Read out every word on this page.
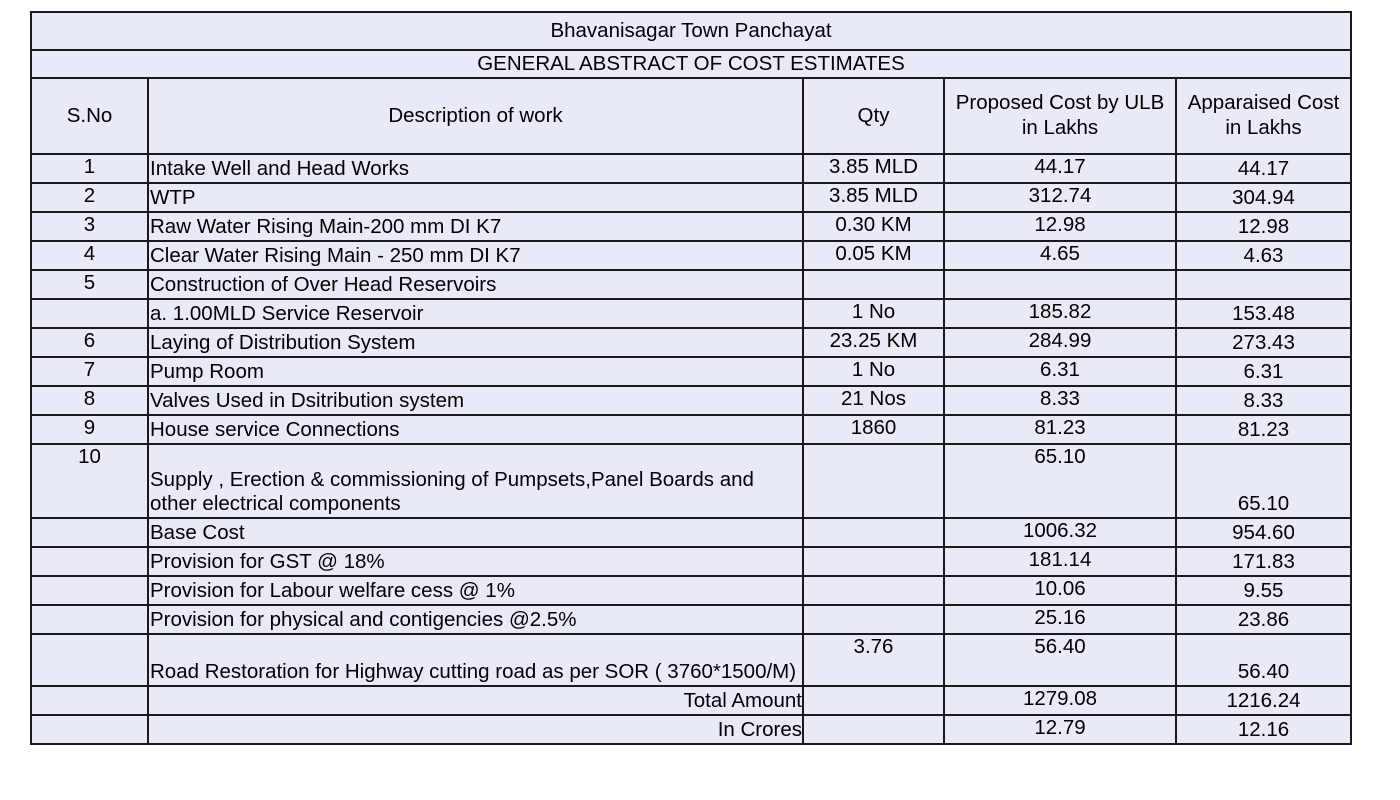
Bhavanisagar Town Panchayat				
GENERAL ABSTRACT OF COST ESTIMATES				
S.No	Description of work	Qty	Proposed Cost by ULB in Lakhs	Apparaised Cost in Lakhs
1	Intake Well and Head Works	3.85 MLD	44.17	44.17
2	WTP	3.85 MLD	312.74	304.94
3	Raw Water Rising Main-200 mm DI K7	0.30 KM	12.98	12.98
4	Clear Water Rising Main - 250 mm DI K7	0.05 KM	4.65	4.63
5	Construction of Over Head Reservoirs			
	a. 1.00MLD Service Reservoir	1 No	185.82	153.48
6	Laying of Distribution System	23.25 KM	284.99	273.43
7	Pump Room	1 No	6.31	6.31
8	Valves Used in Dsitribution system	21 Nos	8.33	8.33
9	House service Connections	1860	81.23	81.23
10	Supply , Erection & commissioning of Pumpsets,Panel Boards and other electrical components		65.10	65.10
	Base Cost		1006.32	954.60
	Provision for GST @ 18%		181.14	171.83
	Provision for Labour welfare cess @ 1%		10.06	9.55
	Provision for physical and contigencies @2.5%		25.16	23.86
	Road Restoration for Highway cutting road as per SOR ( 3760*1500/M)	3.76	56.40	56.40
	Total Amount		1279.08	1216.24
	In Crores		12.79	12.16
